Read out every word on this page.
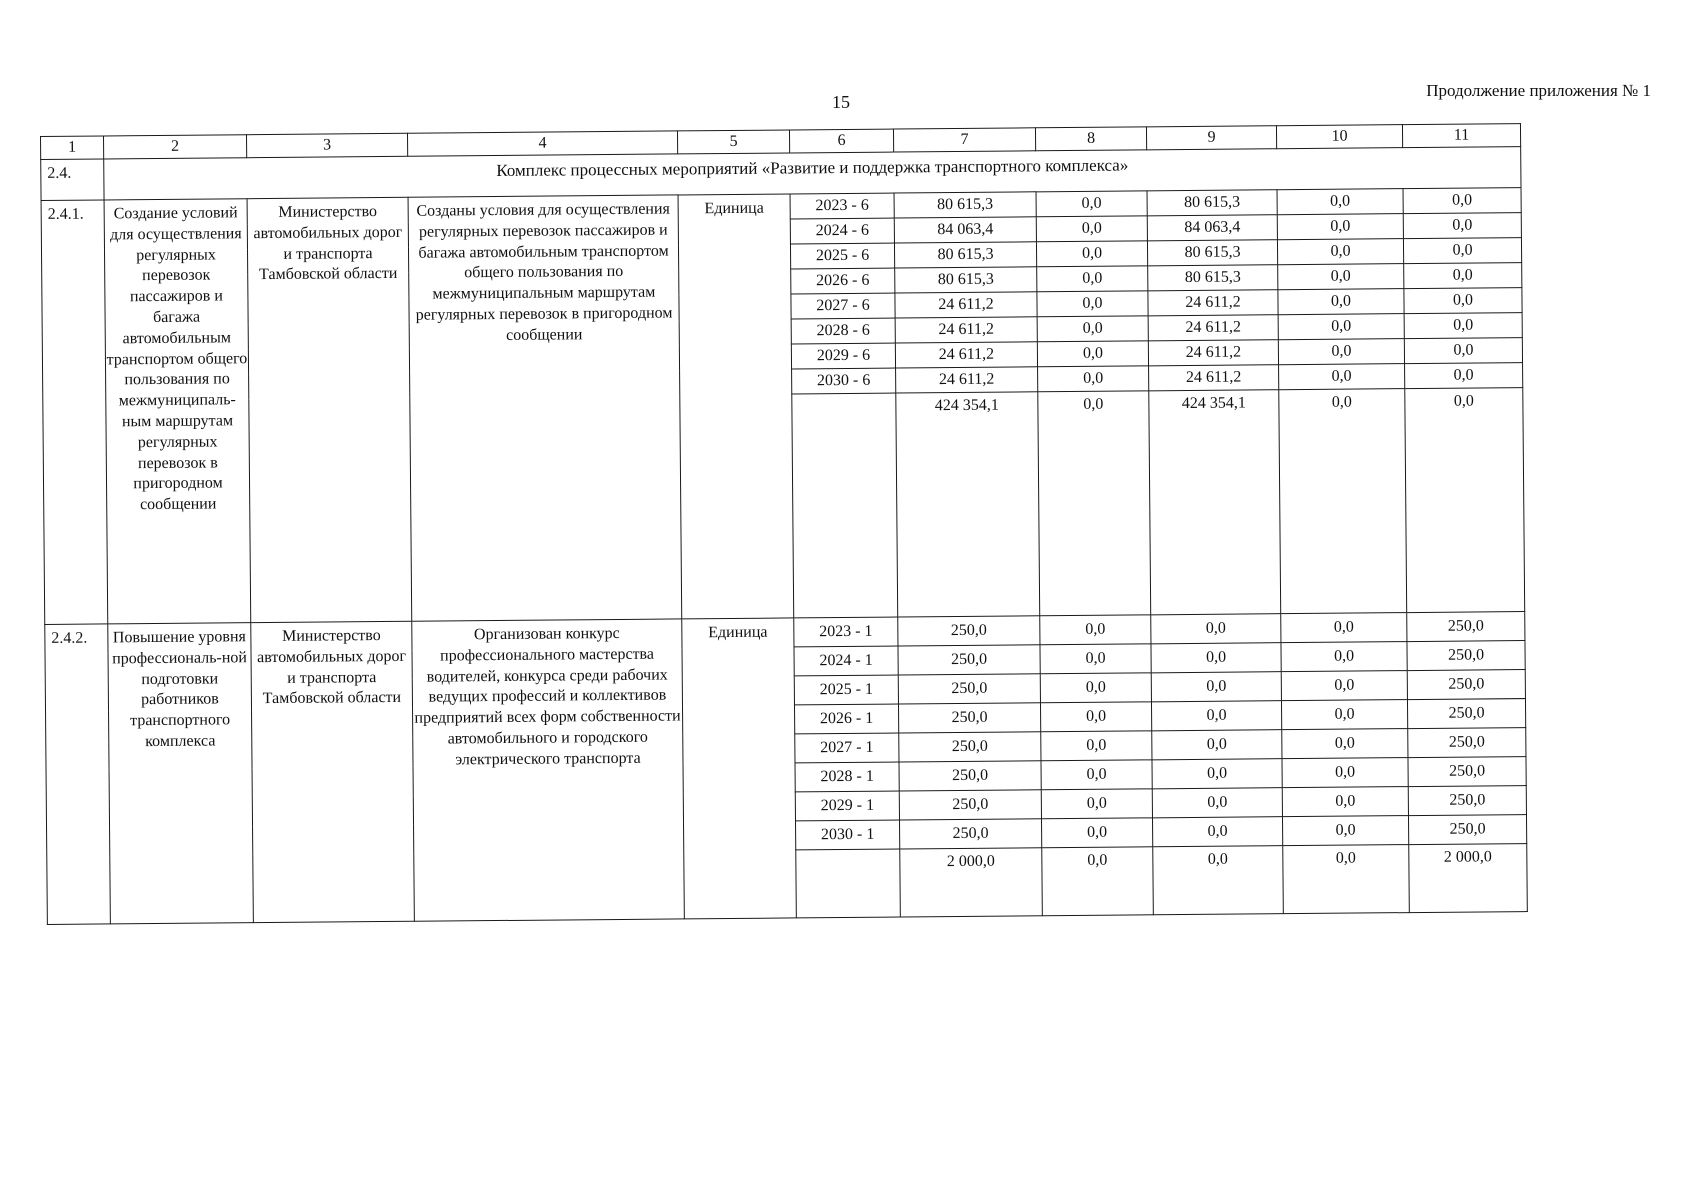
15
Продолжение приложения № 1
1	2	3	4	5	6	7	8	9	10	11
2.4.	Комплекс процессных мероприятий «Развитие и поддержка транспортного комплекса»									
2.4.1.	Создание условий для осуществления регулярных перевозок пассажиров и багажа автомобильным транспортом общего пользования по межмуниципаль-ным маршрутам регулярных перевозок в пригородном сообщении	Министерство автомобильных дорог и транспорта Тамбовской области	Созданы условия для осуществления регулярных перевозок пассажиров и багажа автомобильным транспортом общего пользования по межмуниципальным маршрутам регулярных перевозок в пригородном сообщении	Единица	2023 - 6	80 615,3	0,0	80 615,3	0,0	0,0
					2024 - 6	84 063,4	0,0	84 063,4	0,0	0,0
					2025 - 6	80 615,3	0,0	80 615,3	0,0	0,0
					2026 - 6	80 615,3	0,0	80 615,3	0,0	0,0
					2027 - 6	24 611,2	0,0	24 611,2	0,0	0,0
					2028 - 6	24 611,2	0,0	24 611,2	0,0	0,0
					2029 - 6	24 611,2	0,0	24 611,2	0,0	0,0
					2030 - 6	24 611,2	0,0	24 611,2	0,0	0,0
						424 354,1	0,0	424 354,1	0,0	0,0
2.4.2.	Повышение уровня профессиональ-ной подготовки работников транспортного комплекса	Министерство автомобильных дорог и транспорта Тамбовской области	Организован конкурс профессионального мастерства водителей, конкурса среди рабочих ведущих профессий и коллективов предприятий всех форм собственности автомобильного и городского электрического транспорта	Единица	2023 - 1	250,0	0,0	0,0	0,0	250,0
					2024 - 1	250,0	0,0	0,0	0,0	250,0
					2025 - 1	250,0	0,0	0,0	0,0	250,0
					2026 - 1	250,0	0,0	0,0	0,0	250,0
					2027 - 1	250,0	0,0	0,0	0,0	250,0
					2028 - 1	250,0	0,0	0,0	0,0	250,0
					2029 - 1	250,0	0,0	0,0	0,0	250,0
					2030 - 1	250,0	0,0	0,0	0,0	250,0
						2 000,0	0,0	0,0	0,0	2 000,0
